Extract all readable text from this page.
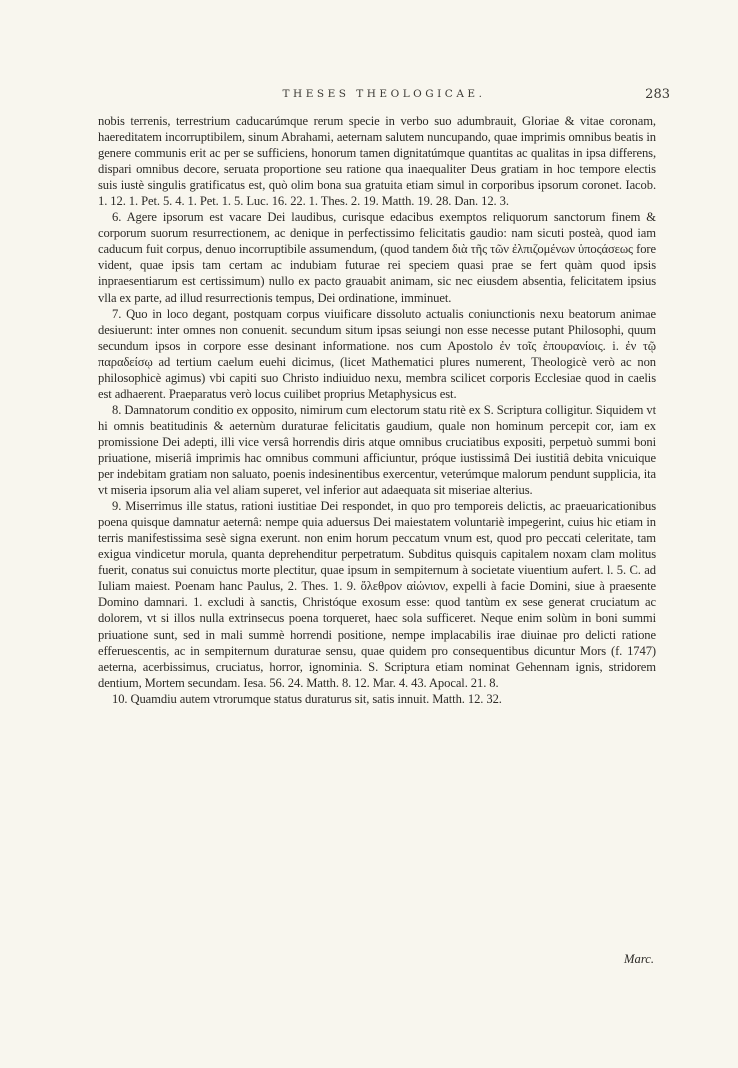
THESES THEOLOGICAE.	283

nobis terrenis, terrestrium caducarúmque rerum specie in verbo suo adumbrauit, Gloriae & vitae coronam, haereditatem incorruptibilem, sinum Abrahami, aeternam salutem nuncupando, quae imprimis omnibus beatis in genere communis erit ac per se sufficiens, honorum tamen dignitatúmque quantitas ac qualitas in ipsa differens, dispari omnibus decore, seruata proportione seu ratione qua inaequaliter Deus gratiam in hoc tempore electis suis iustè singulis gratificatus est, quò olim bona sua gratuita etiam simul in corporibus ipsorum coronet. Iacob. 1. 12. 1. Pet. 5. 4. 1. Pet. 1. 5. Luc. 16. 22. 1. Thes. 2. 19. Matth. 19. 28. Dan. 12. 3.

6. Agere ipsorum est vacare Dei laudibus, curisque edacibus exemptos reliquorum sanctorum finem & corporum suorum resurrectionem, ac denique in perfectissimo felicitatis gaudio: nam sicuti posteà, quod iam caducum fuit corpus, denuo incorruptibile assumendum, (quod tandem διὰ τῆς τῶν ἐλπιζομένων ὑποςάσεως fore vident, quae ipsis tam certam ac indubiam futurae rei speciem quasi prae se fert quàm quod ipsis inpraesentiarum est certissimum) nullo ex pacto grauabit animam, sic nec eiusdem absentia, felicitatem ipsius vlla ex parte, ad illud resurrectionis tempus, Dei ordinatione, imminuet.

7. Quo in loco degant, postquam corpus viuificare dissoluto actualis coniunctionis nexu beatorum animae desiuerunt: inter omnes non conuenit. secundum situm ipsas seiungi non esse necesse putant Philosophi, quum secundum ipsos in corpore esse desinant informatione. nos cum Apostolo ἐν τοῖς ἐπουρανίοις. i. ἐν τῷ παραδείσῳ ad tertium caelum euehi dicimus, (licet Mathematici plures numerent, Theologicè verò ac non philosophicè agimus) vbi capiti suo Christo indiuiduo nexu, membra scilicet corporis Ecclesiae quod in caelis est adhaerent. Praeparatus verò locus cuilibet proprius Metaphysicus est.

8. Damnatorum conditio ex opposito, nimirum cum electorum statu ritè ex S. Scriptura colligitur. Siquidem vt hi omnis beatitudinis & aeternùm duraturae felicitatis gaudium, quale non hominum percepit cor, iam ex promissione Dei adepti, illi vice versâ horrendis diris atque omnibus cruciatibus expositi, perpetuò summi boni priuatione, miseriâ imprimis hac omnibus communi afficiuntur, próque iustissimâ Dei iustitiâ debita vnicuique per indebitam gratiam non saluato, poenis indesinentibus exercentur, veterúmque malorum pendunt supplicia, ita vt miseria ipsorum alia vel aliam superet, vel inferior aut adaequata sit miseriae alterius.

9. Miserrimus ille status, rationi iustitiae Dei respondet, in quo pro temporeis delictis, ac praeuaricationibus poena quisque damnatur aeternâ: nempe quia aduersus Dei maiestatem voluntariè impegerint, cuius hic etiam in terris manifestissima sesè signa exerunt. non enim horum peccatum vnum est, quod pro peccati celeritate, tam exigua vindicetur morula, quanta deprehenditur perpetratum. Subditus quisquis capitalem noxam clam molitus fuerit, conatus sui conuictus morte plectitur, quae ipsum in sempiternum à societate viuentium aufert. l. 5. C. ad Iuliam maiest. Poenam hanc Paulus, 2. Thes. 1. 9. ὄλεθρον αἰώνιον, expelli à facie Domini, siue à praesente Domino damnari. 1. excludi à sanctis, Christóque exosum esse: quod tantùm ex sese generat cruciatum ac dolorem, vt si illos nulla extrinsecus poena torqueret, haec sola sufficeret. Neque enim solùm in boni summi priuatione sunt, sed in mali summè horrendi positione, nempe implacabilis irae diuinae pro delicti ratione efferuescentis, ac in sempiternum duraturae sensu, quae quidem pro consequentibus dicuntur Mors (f. 1747) aeterna, acerbissimus, cruciatus, horror, ignominia. S. Scriptura etiam nominat Gehennam ignis, stridorem dentium, Mortem secundam. Iesa. 56. 24. Matth. 8. 12. Mar. 4. 43. Apocal. 21. 8.

10. Quamdiu autem vtrorumque status duraturus sit, satis innuit. Matth. 12. 32.

Marc.
